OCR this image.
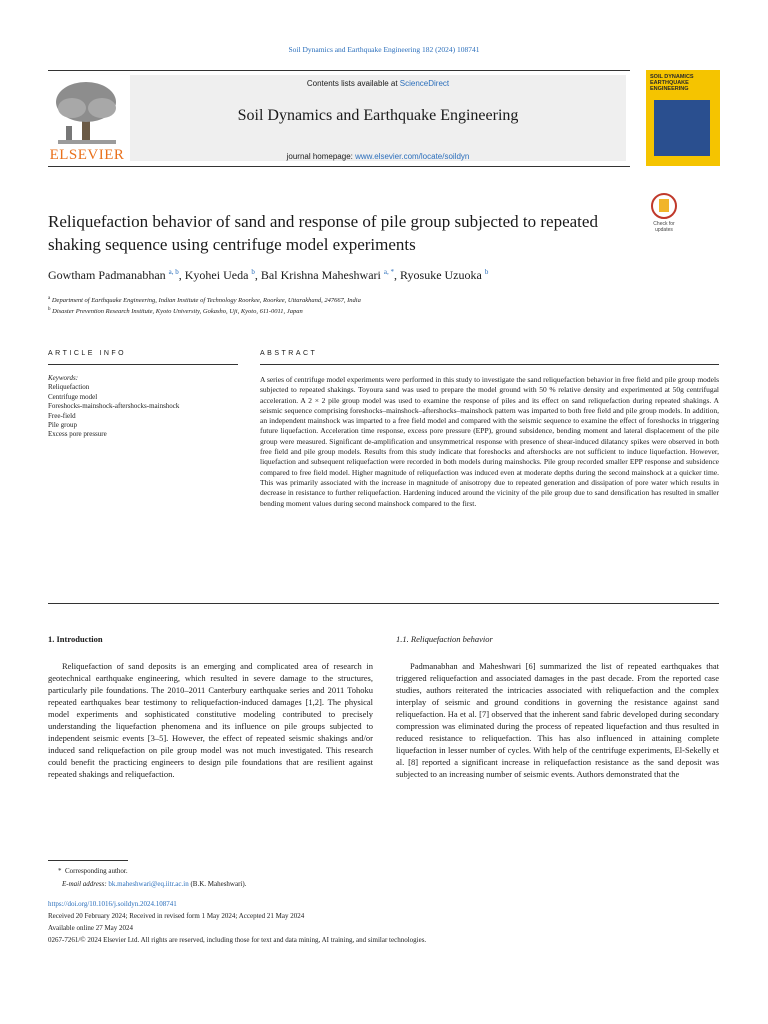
Soil Dynamics and Earthquake Engineering 182 (2024) 108741
ELSEVIER
Contents lists available at ScienceDirect
Soil Dynamics and Earthquake Engineering
journal homepage: www.elsevier.com/locate/soildyn
SOIL DYNAMICS EARTHQUAKE ENGINEERING
Reliquefaction behavior of sand and response of pile group subjected to repeated shaking sequence using centrifuge model experiments
Check for updates
Gowtham Padmanabhan $^{a, b}$, Kyohei Ueda $^b$, Bal Krishna Maheshwari $^{a, *}$, Ryosuke Uzuoka $^b$
$^a$ Department of Earthquake Engineering, Indian Institute of Technology Roorkee, Roorkee, Uttarakhand, 247667, India
$^b$ Disaster Prevention Research Institute, Kyoto University, Gokasho, Uji, Kyoto, 611-0011, Japan
ARTICLE INFO	ABSTRACT
Keywords:
Reliquefaction
Centrifuge model
Foreshocks-mainshock-aftershocks-mainshock
Free-field
Pile group
Excess pore pressure
A series of centrifuge model experiments were performed in this study to investigate the sand reliquefaction behavior in free field and pile group models subjected to repeated shakings. Toyoura sand was used to prepare the model ground with 50 % relative density and experimented at 50g centrifugal acceleration. A 2 × 2 pile group model was used to examine the response of piles and its effect on sand reliquefaction during repeated shakings. A seismic sequence comprising foreshocks–mainshock–aftershocks–mainshock pattern was imparted to both free field and pile group models. In addition, an independent mainshock was imparted to a free field model and compared with the seismic sequence to examine the effect of foreshocks in triggering future liquefaction. Acceleration time response, excess pore pressure (EPP), ground subsidence, bending moment and lateral displacement of the pile group were measured. Significant de-amplification and unsymmetrical response with presence of shear-induced dilatancy spikes were observed in both free field and pile group models. Results from this study indicate that foreshocks and aftershocks are not sufficient to induce liquefaction. However, liquefaction and subsequent reliquefaction were recorded in both models during mainshocks. Pile group recorded smaller EPP response and subsidence compared to free field model. Higher magnitude of reliquefaction was induced even at moderate depths during the second mainshock at a quicker time. This was primarily associated with the increase in magnitude of anisotropy due to repeated generation and dissipation of pore water which results in decrease in resistance to further reliquefaction. Hardening induced around the vicinity of the pile group due to sand densification has resulted in smaller bending moment values during second mainshock compared to the first.
1. Introduction

Reliquefaction of sand deposits is an emerging and complicated area of research in geotechnical earthquake engineering, which resulted in severe damage to the structures, particularly pile foundations. The 2010–2011 Canterbury earthquake series and 2011 Tohoku repeated earthquakes bear testimony to reliquefaction-induced damages [1,2]. The physical model experiments and sophisticated constitutive modeling contributed to precisely understanding the liquefaction phenomena and its influence on pile groups subjected to independent seismic events [3–5]. However, the effect of repeated seismic shakings and/or induced sand reliquefaction on pile group model was not much investigated. This research could benefit the practicing engineers to design pile foundations that are resilient against repeated shakings and reliquefaction.

1.1. Reliquefaction behavior

Padmanabhan and Maheshwari [6] summarized the list of repeated earthquakes that triggered reliquefaction and associated damages in the past decade. From the reported case studies, authors reiterated the intricacies associated with reliquefaction and the complex interplay of seismic and ground conditions in governing the resistance against sand reliquefaction. Ha et al. [7] observed that the inherent sand fabric developed during secondary compression was eliminated during the process of repeated liquefaction and thus resulted in reduced resistance to reliquefaction. This has also influenced in attaining complete liquefaction in lesser number of cycles. With help of the centrifuge experiments, El-Sekelly et al. [8] reported a significant increase in reliquefaction resistance as the sand deposit was subjected to an increasing number of seismic events. Authors demonstrated that the

*  Corresponding author.
E-mail address: bk.maheshwari@eq.iitr.ac.in (B.K. Maheshwari).
https://doi.org/10.1016/j.soildyn.2024.108741
Received 20 February 2024; Received in revised form 1 May 2024; Accepted 21 May 2024
Available online 27 May 2024
0267-7261/© 2024 Elsevier Ltd. All rights are reserved, including those for text and data mining, AI training, and similar technologies.
